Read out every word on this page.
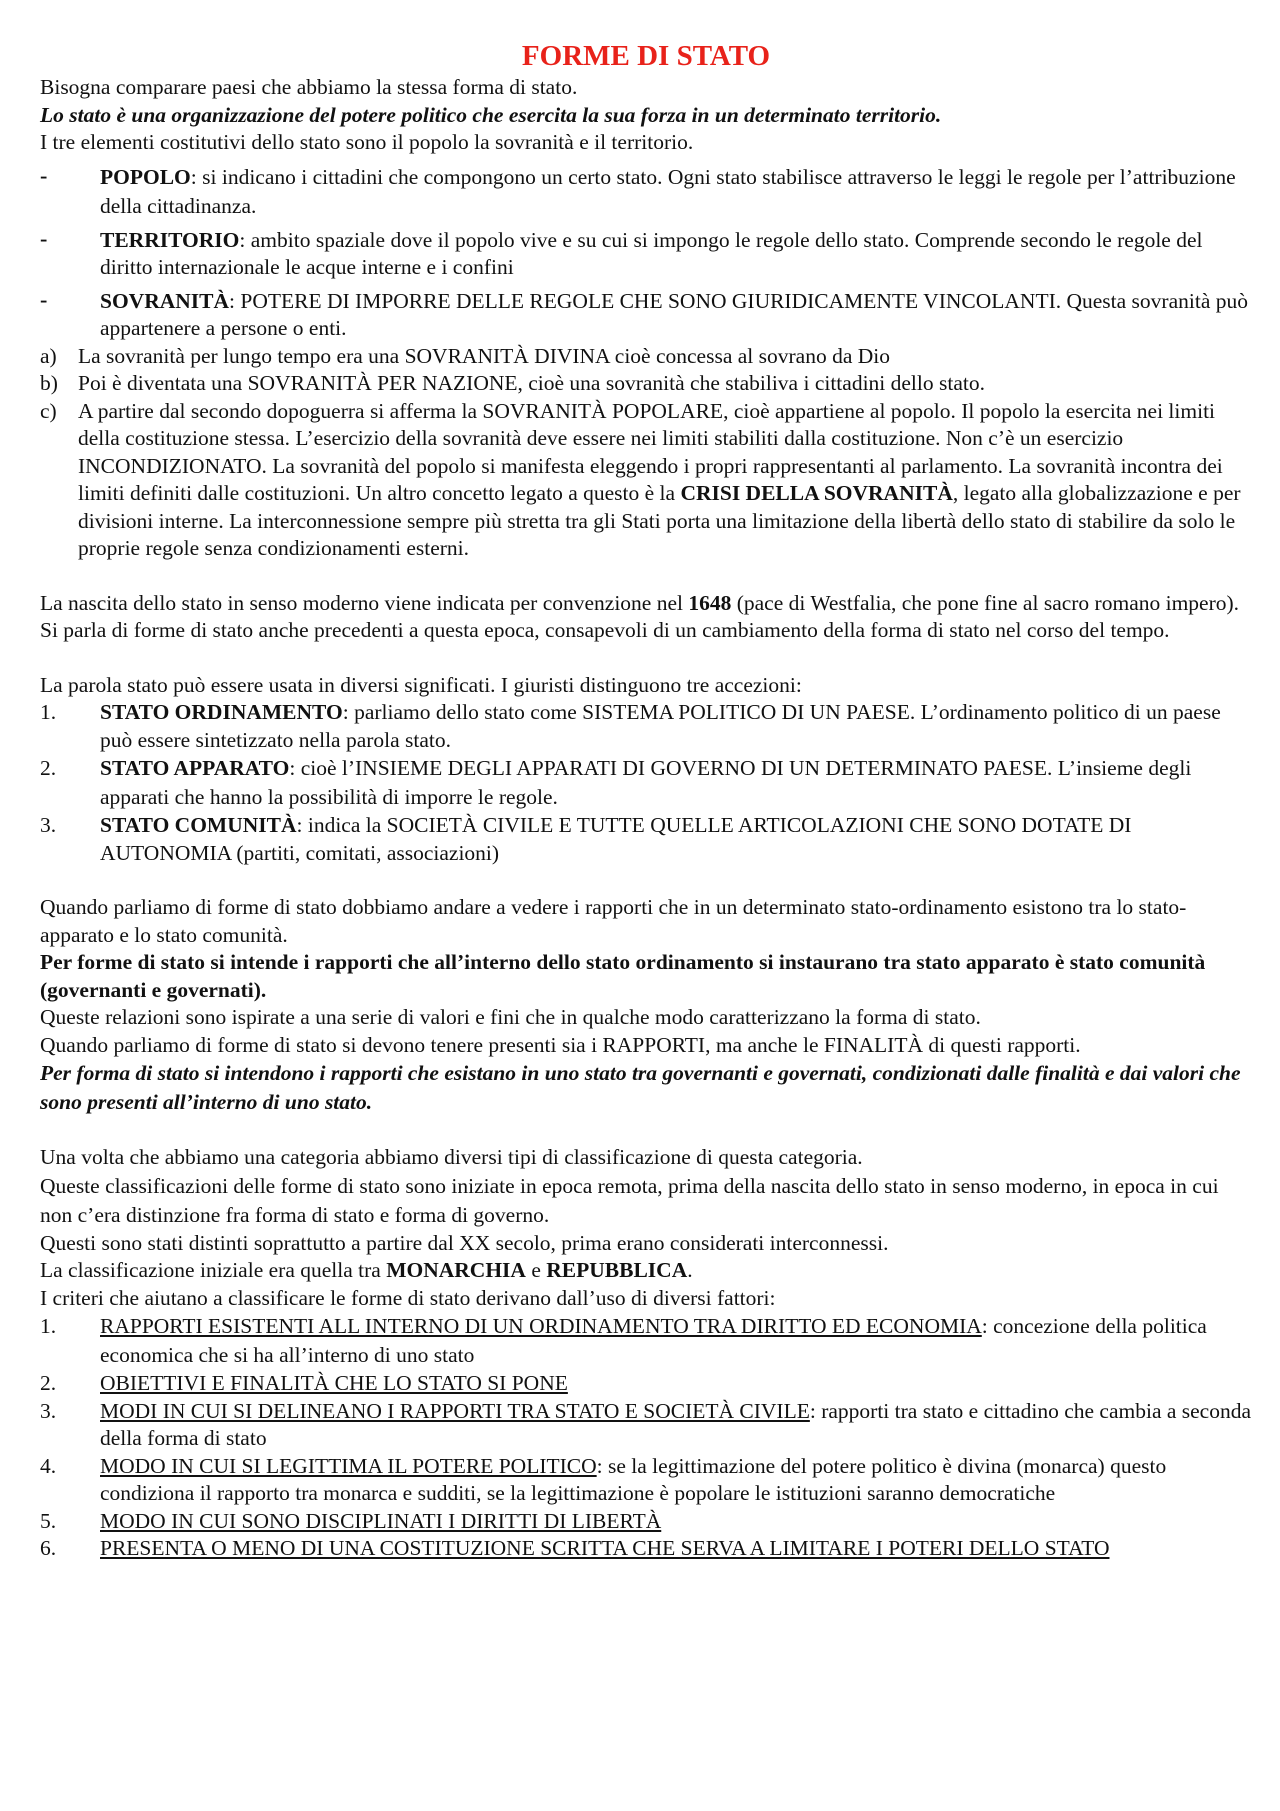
FORME DI STATO

Bisogna comparare paesi che abbiamo la stessa forma di stato.

Lo stato è una organizzazione del potere politico che esercita la sua forza in un determinato territorio.

I tre elementi costitutivi dello stato sono il popolo la sovranità e il territorio.

- POPOLO: si indicano i cittadini che compongono un certo stato. Ogni stato stabilisce attraverso le leggi le regole per l’attribuzione della cittadinanza.
- TERRITORIO: ambito spaziale dove il popolo vive e su cui si impongo le regole dello stato. Comprende secondo le regole del diritto internazionale le acque interne e i confini
- SOVRANITÀ: POTERE DI IMPORRE DELLE REGOLE CHE SONO GIURIDICAMENTE VINCOLANTI. Questa sovranità può appartenere a persone o enti.
a) La sovranità per lungo tempo era una SOVRANITÀ DIVINA cioè concessa al sovrano da Dio
b) Poi è diventata una SOVRANITÀ PER NAZIONE, cioè una sovranità che stabiliva i cittadini dello stato.
c) A partire dal secondo dopoguerra si afferma la SOVRANITÀ POPOLARE, cioè appartiene al popolo. Il popolo la esercita nei limiti della costituzione stessa. L’esercizio della sovranità deve essere nei limiti stabiliti dalla costituzione. Non c’è un esercizio INCONDIZIONATO. La sovranità del popolo si manifesta eleggendo i propri rappresentanti al parlamento. La sovranità incontra dei limiti definiti dalle costituzioni. Un altro concetto legato a questo è la CRISI DELLA SOVRANITÀ, legato alla globalizzazione e per divisioni interne. La interconnessione sempre più stretta tra gli Stati porta una limitazione della libertà dello stato di stabilire da solo le proprie regole senza condizionamenti esterni.

La nascita dello stato in senso moderno viene indicata per convenzione nel 1648 (pace di Westfalia, che pone fine al sacro romano impero). Si parla di forme di stato anche precedenti a questa epoca, consapevoli di un cambiamento della forma di stato nel corso del tempo.

La parola stato può essere usata in diversi significati. I giuristi distinguono tre accezioni:

1. STATO ORDINAMENTO: parliamo dello stato come SISTEMA POLITICO DI UN PAESE. L’ordinamento politico di un paese può essere sintetizzato nella parola stato.
2. STATO APPARATO: cioè l’INSIEME DEGLI APPARATI DI GOVERNO DI UN DETERMINATO PAESE. L’insieme degli apparati che hanno la possibilità di imporre le regole.
3. STATO COMUNITÀ: indica la SOCIETÀ CIVILE E TUTTE QUELLE ARTICOLAZIONI CHE SONO DOTATE DI AUTONOMIA (partiti, comitati, associazioni)

Quando parliamo di forme di stato dobbiamo andare a vedere i rapporti che in un determinato stato-ordinamento esistono tra lo stato- apparato e lo stato comunità.

Per forme di stato si intende i rapporti che all’interno dello stato ordinamento si instaurano tra stato apparato è stato comunità (governanti e governati).

Queste relazioni sono ispirate a una serie di valori e fini che in qualche modo caratterizzano la forma di stato.

Quando parliamo di forme di stato si devono tenere presenti sia i RAPPORTI, ma anche le FINALITÀ di questi rapporti.

Per forma di stato si intendono i rapporti che esistano in uno stato tra governanti e governati, condizionati dalle finalità e dai valori che sono presenti all’interno di uno stato.

Una volta che abbiamo una categoria abbiamo diversi tipi di classificazione di questa categoria.

Queste classificazioni delle forme di stato sono iniziate in epoca remota, prima della nascita dello stato in senso moderno, in epoca in cui non c’era distinzione fra forma di stato e forma di governo.

Questi sono stati distinti soprattutto a partire dal XX secolo, prima erano considerati interconnessi.

La classificazione iniziale era quella tra MONARCHIA e REPUBBLICA.

I criteri che aiutano a classificare le forme di stato derivano dall’uso di diversi fattori:

1. RAPPORTI ESISTENTI ALL INTERNO DI UN ORDINAMENTO TRA DIRITTO ED ECONOMIA: concezione della politica economica che si ha all’interno di uno stato
2. OBIETTIVI E FINALITÀ CHE LO STATO SI PONE
3. MODI IN CUI SI DELINEANO I RAPPORTI TRA STATO E SOCIETÀ CIVILE: rapporti tra stato e cittadino che cambia a seconda della forma di stato
4. MODO IN CUI SI LEGITTIMA IL POTERE POLITICO: se la legittimazione del potere politico è divina (monarca) questo condiziona il rapporto tra monarca e sudditi, se la legittimazione è popolare le istituzioni saranno democratiche
5. MODO IN CUI SONO DISCIPLINATI I DIRITTI DI LIBERTÀ
6. PRESENTA O MENO DI UNA COSTITUZIONE SCRITTA CHE SERVA A LIMITARE I POTERI DELLO STATO
